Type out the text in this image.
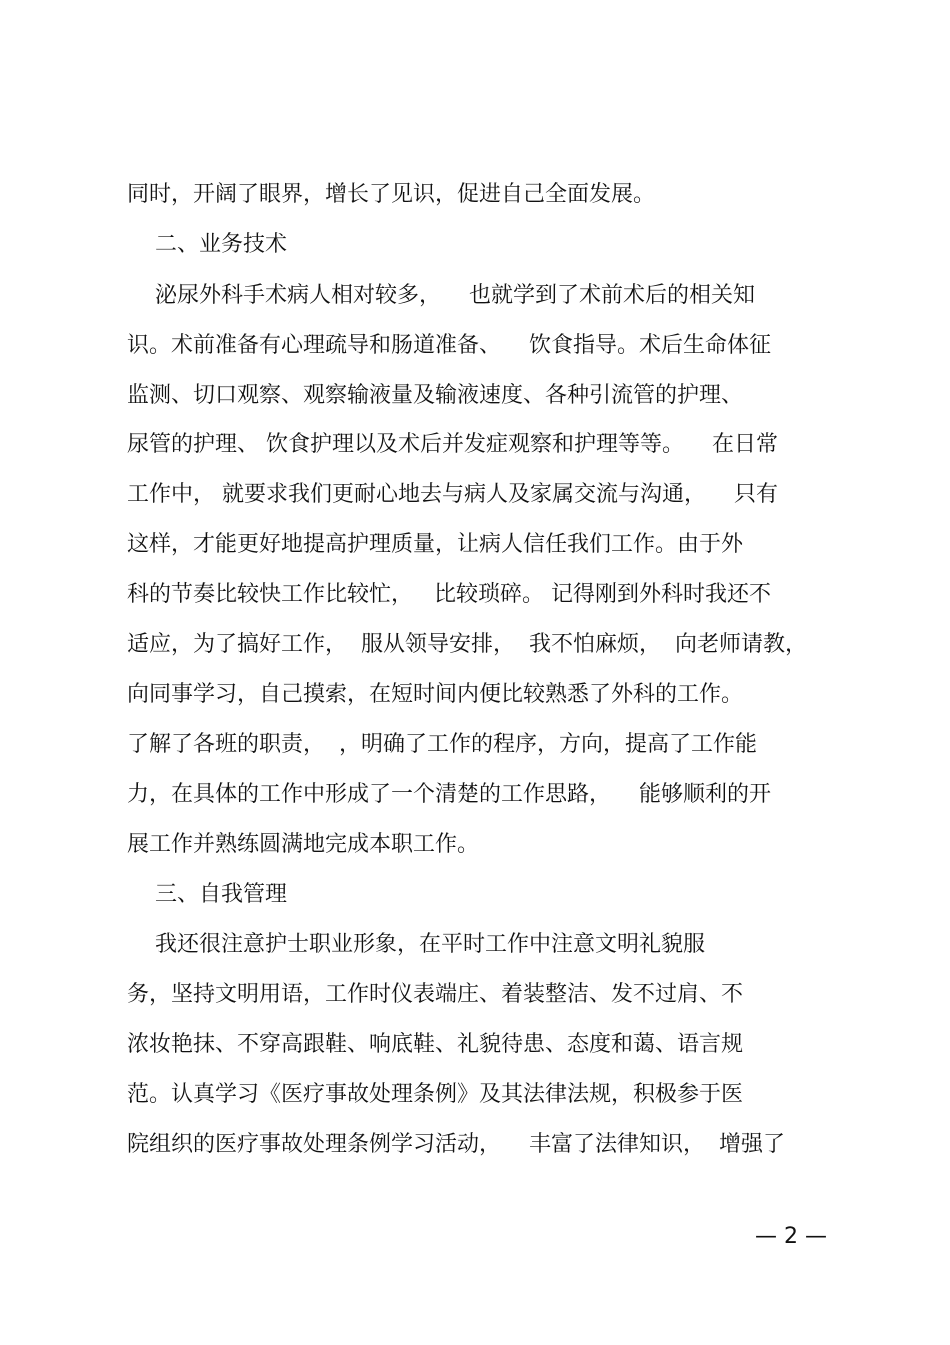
同时，开阔了眼界，增长了见识，促进自己全面发展。
二、业务技术
泌尿外科手术病人相对较多，    也就学到了术前术后的相关知
识。术前准备有心理疏导和肠道准备、    饮食指导。术后生命体征
监测、切口观察、观察输液量及输液速度、各种引流管的护理、
尿管的护理、 饮食护理以及术后并发症观察和护理等等。    在日常
工作中， 就要求我们更耐心地去与病人及家属交流与沟通，    只有
这样，才能更好地提高护理质量，让病人信任我们工作。由于外
科的节奏比较快工作比较忙，   比较琐碎。 记得刚到外科时我还不
适应，为了搞好工作，  服从领导安排，  我不怕麻烦，  向老师请教，
向同事学习，自己摸索，在短时间内便比较熟悉了外科的工作。
了解了各班的职责，  ，明确了工作的程序，方向，提高了工作能
力，在具体的工作中形成了一个清楚的工作思路，    能够顺利的开
展工作并熟练圆满地完成本职工作。
三、自我管理
我还很注意护士职业形象，在平时工作中注意文明礼貌服
务，坚持文明用语，工作时仪表端庄、着装整洁、发不过肩、不
浓妆艳抹、不穿高跟鞋、响底鞋、礼貌待患、态度和蔼、语言规
范。认真学习《医疗事故处理条例》及其法律法规，积极参于医
院组织的医疗事故处理条例学习活动，    丰富了法律知识，  增强了
— 2 —
